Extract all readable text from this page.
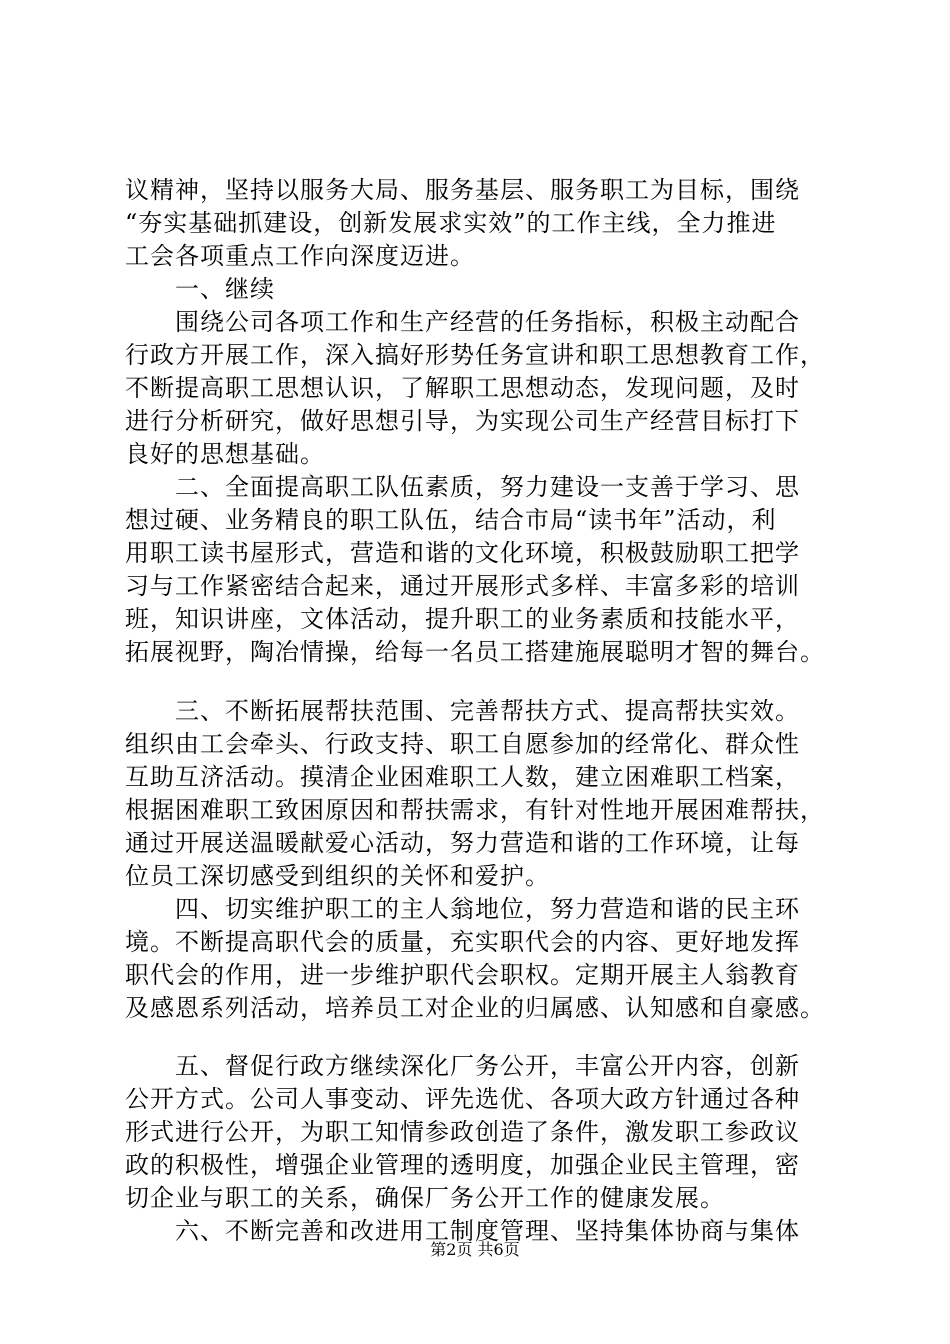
议精神，坚持以服务大局、服务基层、服务职工为目标，围绕
“夯实基础抓建设，创新发展求实效”的工作主线，全力推进
工会各项重点工作向深度迈进。
一、继续
围绕公司各项工作和生产经营的任务指标，积极主动配合
行政方开展工作，深入搞好形势任务宣讲和职工思想教育工作，
不断提高职工思想认识，了解职工思想动态，发现问题，及时
进行分析研究，做好思想引导，为实现公司生产经营目标打下
良好的思想基础。
二、全面提高职工队伍素质，努力建设一支善于学习、思
想过硬、业务精良的职工队伍，结合市局“读书年”活动，利
用职工读书屋形式，营造和谐的文化环境，积极鼓励职工把学
习与工作紧密结合起来，通过开展形式多样、丰富多彩的培训
班，知识讲座，文体活动，提升职工的业务素质和技能水平，
拓展视野，陶冶情操，给每一名员工搭建施展聪明才智的舞台。
三、不断拓展帮扶范围、完善帮扶方式、提高帮扶实效。
组织由工会牵头、行政支持、职工自愿参加的经常化、群众性
互助互济活动。摸清企业困难职工人数，建立困难职工档案，
根据困难职工致困原因和帮扶需求，有针对性地开展困难帮扶，
通过开展送温暖献爱心活动，努力营造和谐的工作环境，让每
位员工深切感受到组织的关怀和爱护。
四、切实维护职工的主人翁地位，努力营造和谐的民主环
境。不断提高职代会的质量，充实职代会的内容、更好地发挥
职代会的作用，进一步维护职代会职权。定期开展主人翁教育
及感恩系列活动，培养员工对企业的归属感、认知感和自豪感。
五、督促行政方继续深化厂务公开，丰富公开内容，创新
公开方式。公司人事变动、评先选优、各项大政方针通过各种
形式进行公开，为职工知情参政创造了条件，激发职工参政议
政的积极性，增强企业管理的透明度，加强企业民主管理，密
切企业与职工的关系，确保厂务公开工作的健康发展。
六、不断完善和改进用工制度管理、坚持集体协商与集体
第2页 共6页
